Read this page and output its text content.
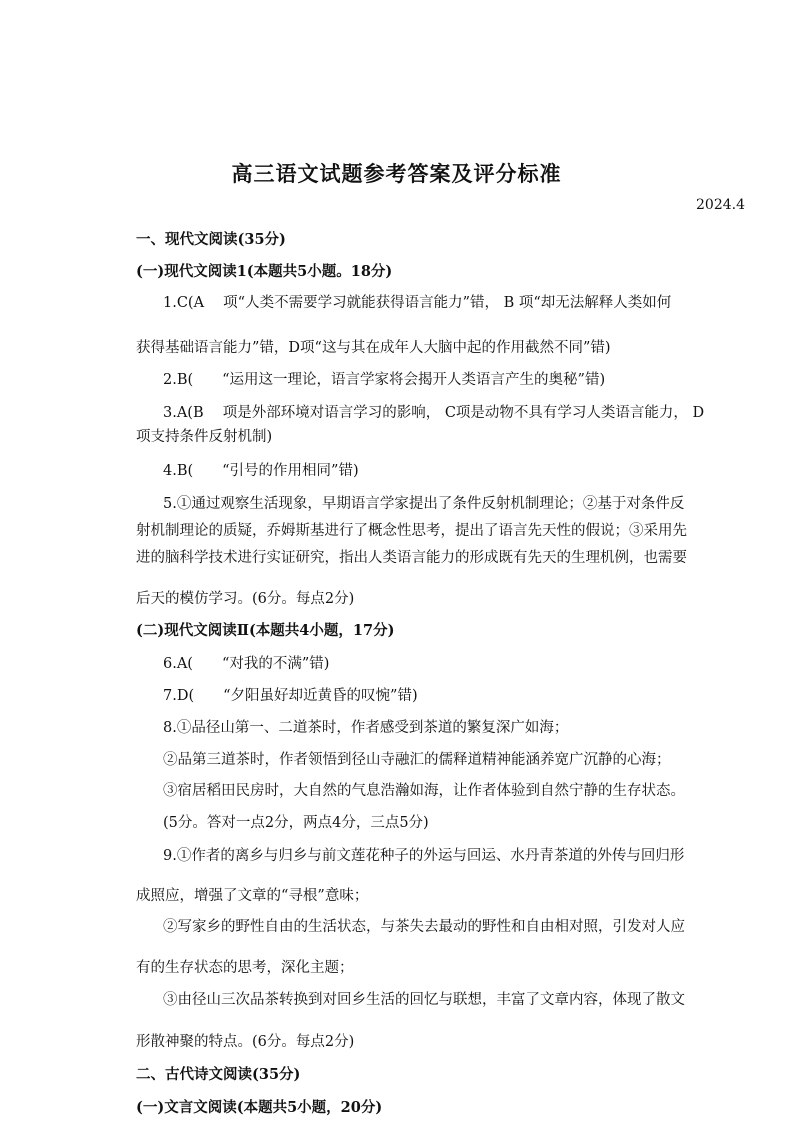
高三语文试题参考答案及评分标准
2024.4
一、现代文阅读(35分)
(一)现代文阅读1(本题共5小题。18分)
1.C(A　 项“人类不需要学习就能获得语言能力”错， B 项“却无法解释人类如何
获得基础语言能力”错，D项“这与其在成年人大脑中起的作用截然不同”错)
2.B(　　“运用这一理论，语言学家将会揭开人类语言产生的奥秘”错)
3.A(B　 项是外部环境对语言学习的影响， C项是动物不具有学习人类语言能力， D
项支持条件反射机制)
4.B(　　“引号的作用相同”错)
5.①通过观察生活现象，早期语言学家提出了条件反射机制理论；②基于对条件反
射机制理论的质疑，乔姆斯基进行了概念性思考，提出了语言先天性的假说；③采用先
进的脑科学技术进行实证研究，指出人类语言能力的形成既有先天的生理机例，也需要
后天的模仿学习。(6分。每点2分)
(二)现代文阅读Ⅱ(本题共4小题，17分)
6.A(　　“对我的不满”错)
7.D(　　“夕阳虽好却近黄昏的叹惋”错)
8.①品径山第一、二道茶时，作者感受到茶道的繁复深广如海；
②品第三道茶时，作者领悟到径山寺融汇的儒释道精神能涵养宽广沉静的心海；
③宿居稻田民房时，大自然的气息浩瀚如海，让作者体验到自然宁静的生存状态。
(5分。答对一点2分，两点4分，三点5分)
9.①作者的离乡与归乡与前文莲花种子的外运与回运、水丹青茶道的外传与回归形
成照应，增强了文章的“寻根”意味；
②写家乡的野性自由的生活状态，与茶失去最动的野性和自由相对照，引发对人应
有的生存状态的思考，深化主题；
③由径山三次品茶转换到对回乡生活的回忆与联想，丰富了文章内容，体现了散文
形散神聚的特点。(6分。每点2分)
二、古代诗文阅读(35分)
(一)文言文阅读(本题共5小题，20分)
